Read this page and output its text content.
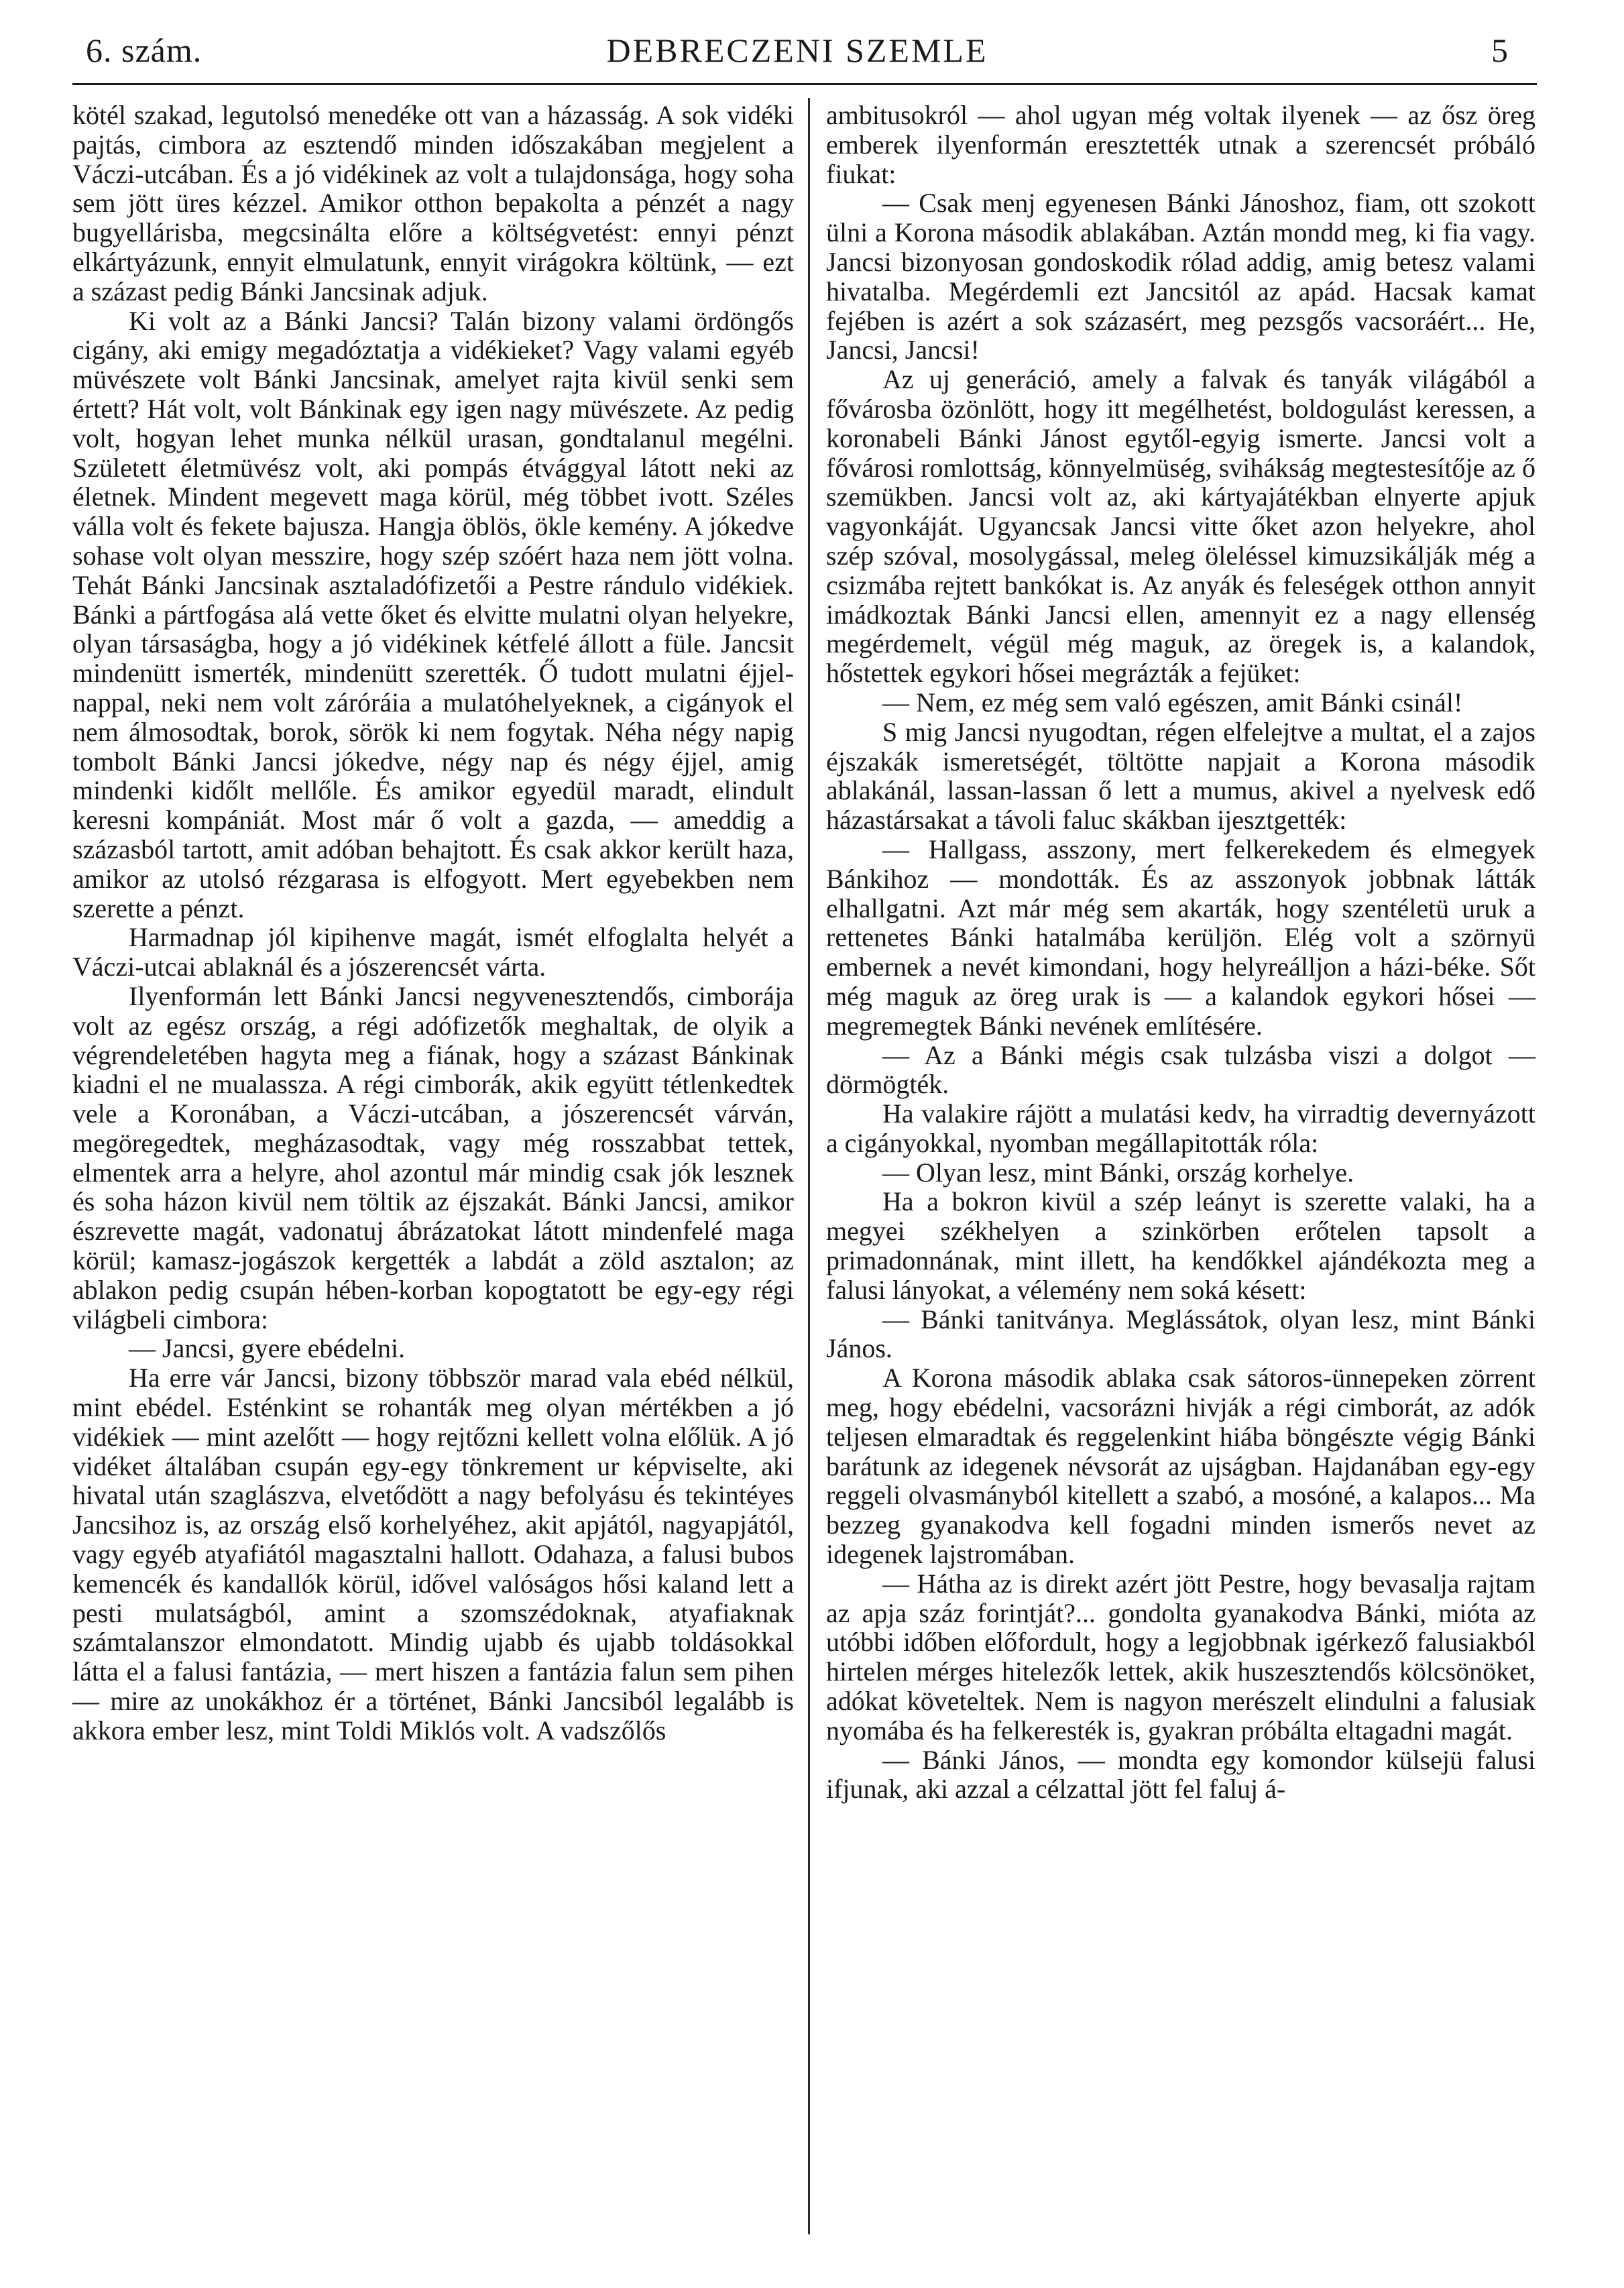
6. szám.	DEBRECZENI SZEMLE	5

kötél szakad, legutolsó menedéke ott van a házasság. A sok vidéki pajtás, cimbora az esztendő minden időszakában megjelent a Váczi-utcában. És a jó vidékinek az volt a tulajdonsága, hogy soha sem jött üres kézzel. Amikor otthon bepakolta a pénzét a nagy bugyellárisba, megcsinálta előre a költségvetést: ennyi pénzt elkártyázunk, ennyit elmulatunk, ennyit virágokra költünk, — ezt a százast pedig Bánki Jancsinak adjuk.

Ki volt az a Bánki Jancsi? Talán bizony valami ördöngős cigány, aki emigy megadóztatja a vidékieket? Vagy valami egyéb müvészete volt Bánki Jancsinak, amelyet rajta kivül senki sem értett? Hát volt, volt Bánkinak egy igen nagy müvészete. Az pedig volt, hogyan lehet munka nélkül urasan, gondtalanul megélni. Született életmüvész volt, aki pompás étvággyal látott neki az életnek. Mindent megevett maga körül, még többet ivott. Széles válla volt és fekete bajusza. Hangja öblös, ökle kemény. A jókedve sohase volt olyan messzire, hogy szép szóért haza nem jött volna. Tehát Bánki Jancsinak asztaladófizetői a Pestre rándulo vidékiek. Bánki a pártfogása alá vette őket és elvitte mulatni olyan helyekre, olyan társaságba, hogy a jó vidékinek kétfelé állott a füle. Jancsit mindenütt ismerték, mindenütt szerették. Ő tudott mulatni éjjel-nappal, neki nem volt záróráia a mulatóhelyeknek, a cigányok el nem álmosodtak, borok, sörök ki nem fogytak. Néha négy napig tombolt Bánki Jancsi jókedve, négy nap és négy éjjel, amig mindenki kidőlt mellőle. És amikor egyedül maradt, elindult keresni kompániát. Most már ő volt a gazda, — ameddig a százasból tartott, amit adóban behajtott. És csak akkor került haza, amikor az utolsó rézgarasa is elfogyott. Mert egyebekben nem szerette a pénzt.

Harmadnap jól kipihenve magát, ismét elfoglalta helyét a Váczi-utcai ablaknál és a jószerencsét várta.

Ilyenformán lett Bánki Jancsi negyvenesztendős, cimborája volt az egész ország, a régi adófizetők meghaltak, de olyik a végrendeletében hagyta meg a fiának, hogy a százast Bánkinak kiadni el ne mualassza. A régi cimborák, akik együtt tétlenkedtek vele a Koronában, a Váczi-utcában, a jószerencsét várván, megöregedtek, megházasodtak, vagy még rosszabbat tettek, elmentek arra a helyre, ahol azontul már mindig csak jók lesznek és soha házon kivül nem töltik az éjszakát. Bánki Jancsi, amikor észrevette magát, vadonatuj ábrázatokat látott mindenfelé maga körül; kamasz-jogászok kergették a labdát a zöld asztalon; az ablakon pedig csupán hében-korban kopogtatott be egy-egy régi világbeli cimbora:

— Jancsi, gyere ebédelni.

Ha erre vár Jancsi, bizony többször marad vala ebéd nélkül, mint ebédel. Esténkint se rohanták meg olyan mértékben a jó vidékiek — mint azelőtt — hogy rejtőzni kellett volna előlük. A jó vidéket általában csupán egy-egy tönkrement ur képviselte, aki hivatal után szaglászva, elvetődött a nagy befolyásu és tekintéyes Jancsihoz is, az ország első korhelyéhez, akit apjától, nagyapjától, vagy egyéb atyafiától magasztalni hallott. Odahaza, a falusi bubos kemencék és kandallók körül, idővel valóságos hősi kaland lett a pesti mulatságból, amint a szomszédoknak, atyafiaknak számtalanszor elmondatott. Mindig ujabb és ujabb toldásokkal látta el a falusi fantázia, — mert hiszen a fantázia falun sem pihen — mire az unokákhoz ér a történet, Bánki Jancsiból legalább is akkora ember lesz, mint Toldi Miklós volt. A vadszőlős

ambitusokról — ahol ugyan még voltak ilyenek — az ősz öreg emberek ilyenformán eresztették utnak a szerencsét próbáló fiukat:

— Csak menj egyenesen Bánki Jánoshoz, fiam, ott szokott ülni a Korona második ablakában. Aztán mondd meg, ki fia vagy. Jancsi bizonyosan gondoskodik rólad addig, amig betesz valami hivatalba. Megérdemli ezt Jancsitól az apád. Hacsak kamat fejében is azért a sok százasért, meg pezsgős vacsoráért... He, Jancsi, Jancsi!

Az uj generáció, amely a falvak és tanyák világából a fővárosba özönlött, hogy itt megélhetést, boldogulást keressen, a koronabeli Bánki Jánost egytől-egyig ismerte. Jancsi volt a fővárosi romlottság, könnyelmüség, svihákság megtestesítője az ő szemükben. Jancsi volt az, aki kártyajátékban elnyerte apjuk vagyonkáját. Ugyancsak Jancsi vitte őket azon helyekre, ahol szép szóval, mosolygással, meleg öleléssel kimuzsikálják még a csizmába rejtett bankókat is. Az anyák és feleségek otthon annyit imádkoztak Bánki Jancsi ellen, amennyit ez a nagy ellenség megérdemelt, végül még maguk, az öregek is, a kalandok, hőstettek egykori hősei megrázták a fejüket:

— Nem, ez még sem való egészen, amit Bánki csinál!

S mig Jancsi nyugodtan, régen elfelejtve a multat, el a zajos éjszakák ismeretségét, töltötte napjait a Korona második ablakánál, lassan-lassan ő lett a mumus, akivel a nyelvesk edő házastársakat a távoli faluc skákban ijesztgették:

— Hallgass, asszony, mert felkerekedem és elmegyek Bánkihoz — mondották. És az asszonyok jobbnak látták elhallgatni. Azt már még sem akarták, hogy szentéletü uruk a rettenetes Bánki hatalmába kerüljön. Elég volt a szörnyü embernek a nevét kimondani, hogy helyreálljon a házi-béke. Sőt még maguk az öreg urak is — a kalandok egykori hősei — megremegtek Bánki nevének említésére.

— Az a Bánki mégis csak tulzásba viszi a dolgot — dörmögték.

Ha valakire rájött a mulatási kedv, ha virradtig devernyázott a cigányokkal, nyomban megállapitották róla:

— Olyan lesz, mint Bánki, ország korhelye.

Ha a bokron kivül a szép leányt is szerette valaki, ha a megyei székhelyen a szinkörben erőtelen tapsolt a primadonnának, mint illett, ha kendőkkel ajándékozta meg a falusi lányokat, a vélemény nem soká késett:

— Bánki tanitványa. Meglássátok, olyan lesz, mint Bánki János.

A Korona második ablaka csak sátoros-ünnepeken zörrent meg, hogy ebédelni, vacsorázni hivják a régi cimborát, az adók teljesen elmaradtak és reggelenkint hiába böngészte végig Bánki barátunk az idegenek névsorát az ujságban. Hajdanában egy-egy reggeli olvasmányból kitellett a szabó, a mosóné, a kalapos... Ma bezzeg gyanakodva kell fogadni minden ismerős nevet az idegenek lajstromában.

— Hátha az is direkt azért jött Pestre, hogy bevasalja rajtam az apja száz forintját?... gondolta gyanakodva Bánki, mióta az utóbbi időben előfordult, hogy a legjobbnak igérkező falusiakból hirtelen mérges hitelezők lettek, akik huszesztendős kölcsönöket, adókat követeltek. Nem is nagyon merészelt elindulni a falusiak nyomába és ha felkeresték is, gyakran próbálta eltagadni magát.

— Bánki János, — mondta egy komondor külsejü falusi ifjunak, aki azzal a célzattal jött fel faluj á-
